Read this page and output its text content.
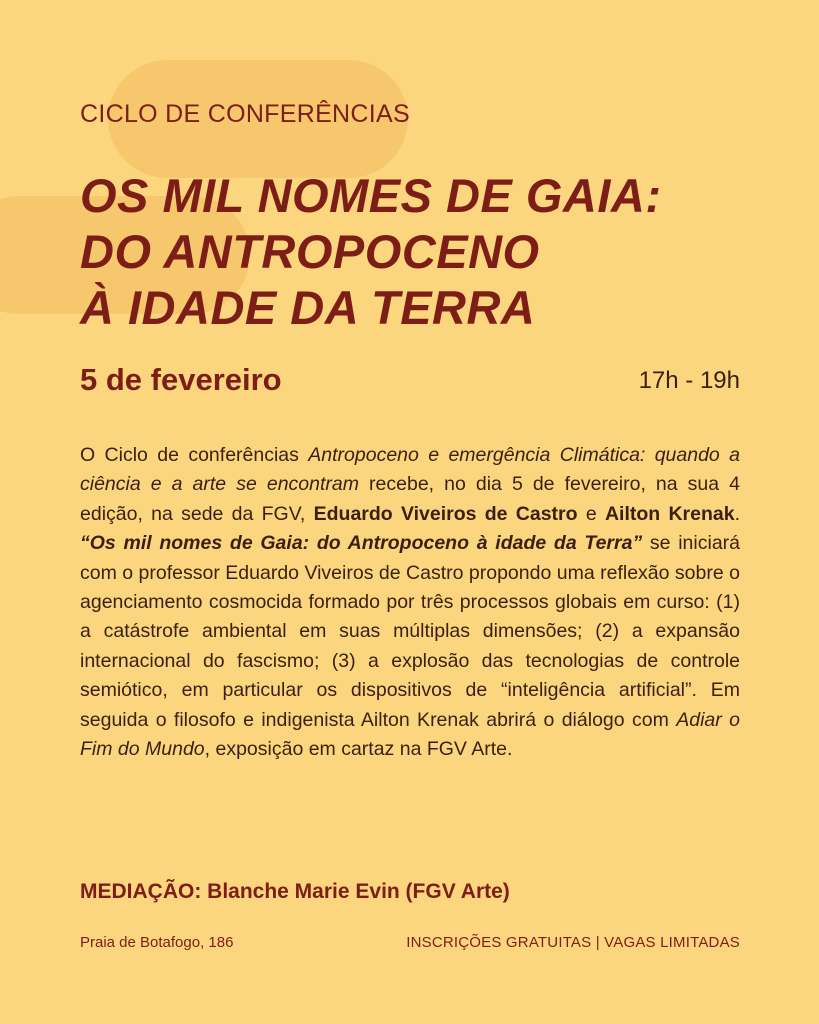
CICLO DE CONFERÊNCIAS
OS MIL NOMES DE GAIA:
DO ANTROPOCENO
À IDADE DA TERRA
5 de fevereiro	17h - 19h
O Ciclo de conferências Antropoceno e emergência Climática: quando a ciência e a arte se encontram recebe, no dia 5 de fevereiro, na sua 4 edição, na sede da FGV, Eduardo Viveiros de Castro e Ailton Krenak. “Os mil nomes de Gaia: do Antropoceno à idade da Terra” se iniciará com o professor Eduardo Viveiros de Castro propondo uma reflexão sobre o agenciamento cosmocida formado por três processos globais em curso: (1) a catástrofe ambiental em suas múltiplas dimensões; (2) a expansão internacional do fascismo; (3) a explosão das tecnologias de controle semiótico, em particular os dispositivos de “inteligência artificial”. Em seguida o filosofo e indigenista Ailton Krenak abrirá o diálogo com Adiar o Fim do Mundo, exposição em cartaz na FGV Arte.
MEDIAÇÃO: Blanche Marie Evin (FGV Arte)
Praia de Botafogo, 186	INSCRIÇÕES GRATUITAS | VAGAS LIMITADAS
